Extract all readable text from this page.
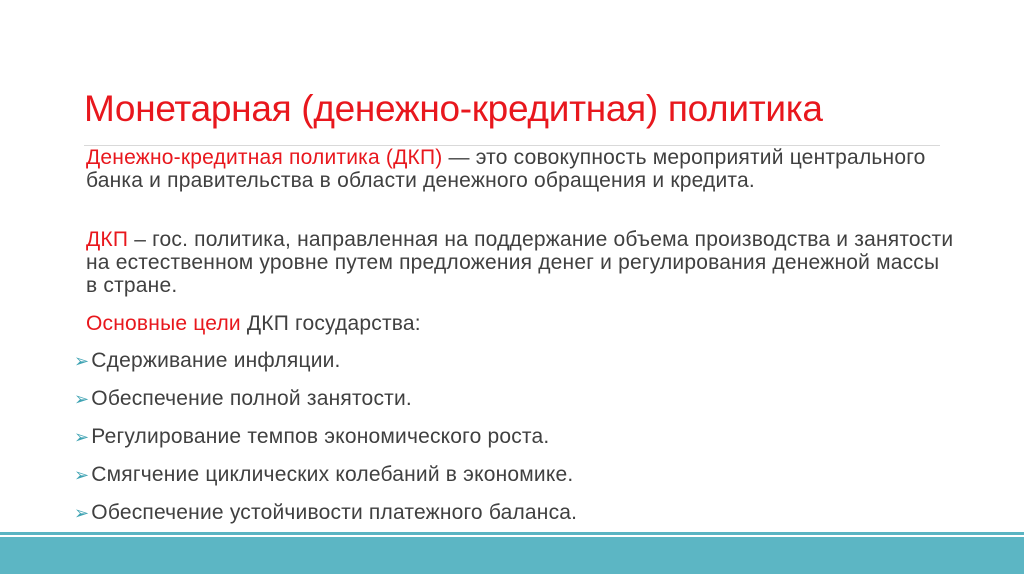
Монетарная (денежно-кредитная) политика
Денежно-кредитная политика (ДКП) — это совокупность мероприятий центрального банка и правительства в области денежного обращения и кредита.
ДКП – гос. политика, направленная на поддержание объема производства и занятости на естественном уровне путем предложения денег и регулирования денежной массы в стране.
Основные цели ДКП государства:
➢Сдерживание инфляции.
➢Обеспечение полной занятости.
➢Регулирование темпов экономического роста.
➢Смягчение циклических колебаний в экономике.
➢Обеспечение устойчивости платежного баланса.
